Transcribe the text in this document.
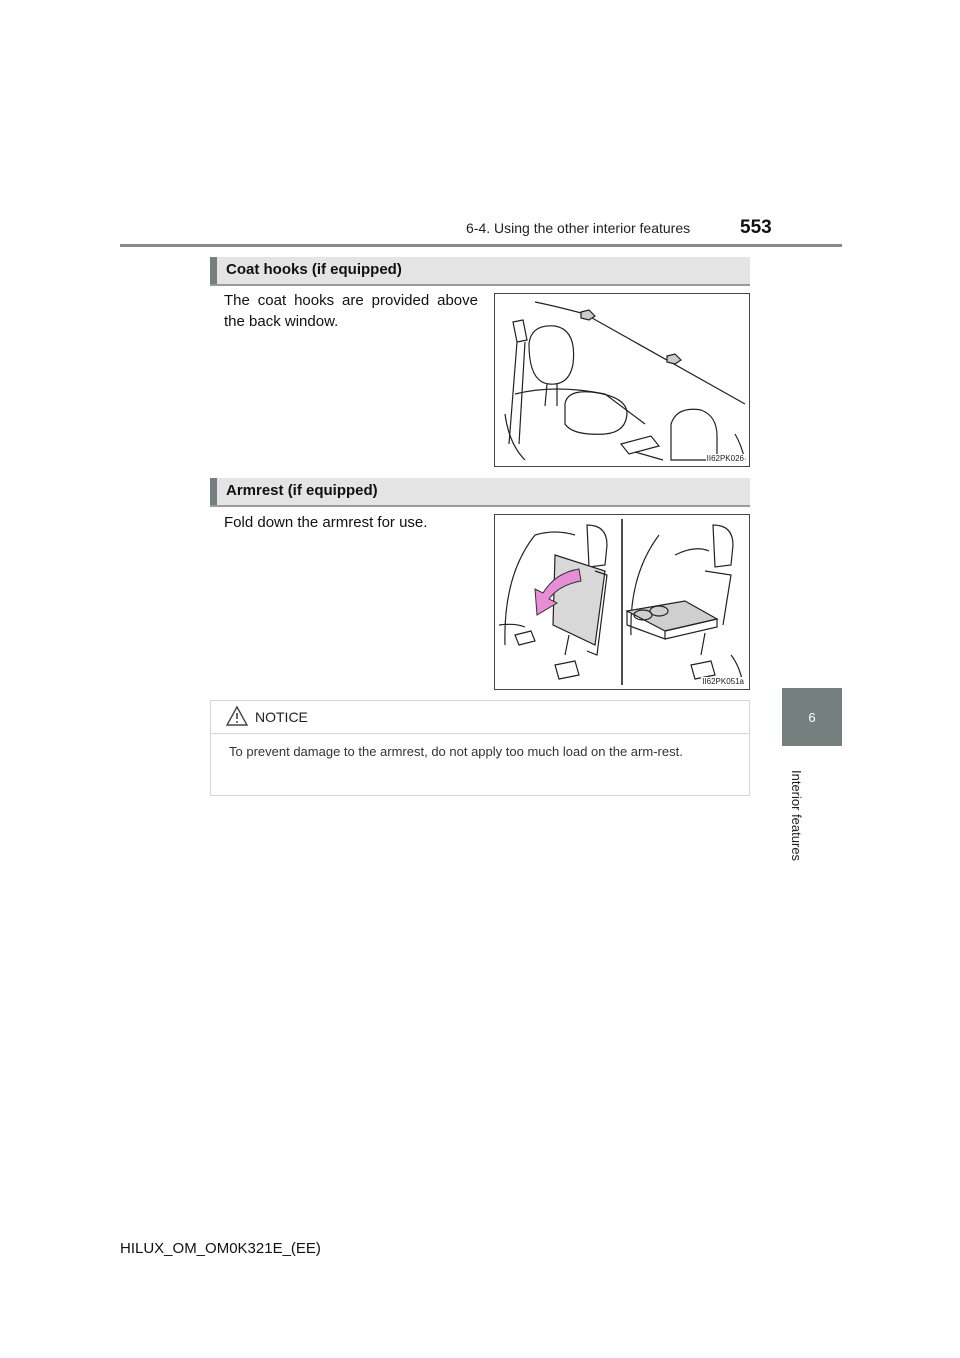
6-4. Using the other interior features	553
6
Interior features
Coat hooks (if equipped)
The coat hooks are provided above the back window.
II62PK026
Armrest (if equipped)
Fold down the armrest for use.
II62PK051a
NOTICE
To prevent damage to the armrest, do not apply too much load on the arm-rest.
HILUX_OM_OM0K321E_(EE)
